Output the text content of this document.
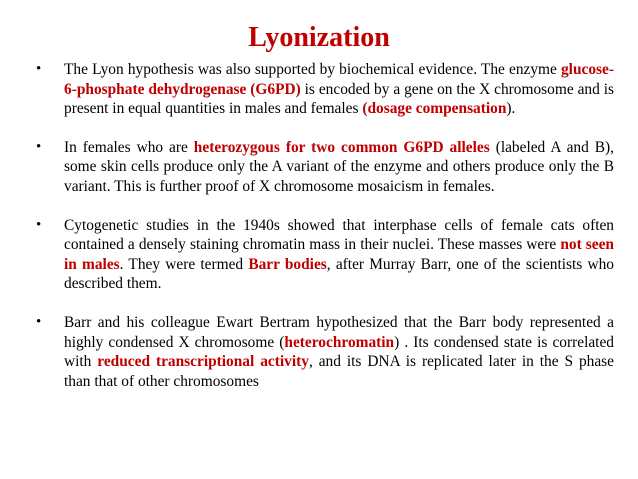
Lyonization
• The Lyon hypothesis was also supported by biochemical evidence. The enzyme glucose-6-phosphate dehydrogenase (G6PD) is encoded by a gene on the X chromosome and is present in equal quantities in males and females (dosage compensation).
• In females who are heterozygous for two common G6PD alleles (labeled A and B), some skin cells produce only the A variant of the enzyme and others produce only the B variant. This is further proof of X chromosome mosaicism in females.
• Cytogenetic studies in the 1940s showed that interphase cells of female cats often contained a densely staining chromatin mass in their nuclei. These masses were not seen in males. They were termed Barr bodies, after Murray Barr, one of the scientists who described them.
• Barr and his colleague Ewart Bertram hypothesized that the Barr body represented a highly condensed X chromosome (heterochromatin) . Its condensed state is correlated with reduced transcriptional activity, and its DNA is replicated later in the S phase than that of other chromosomes
